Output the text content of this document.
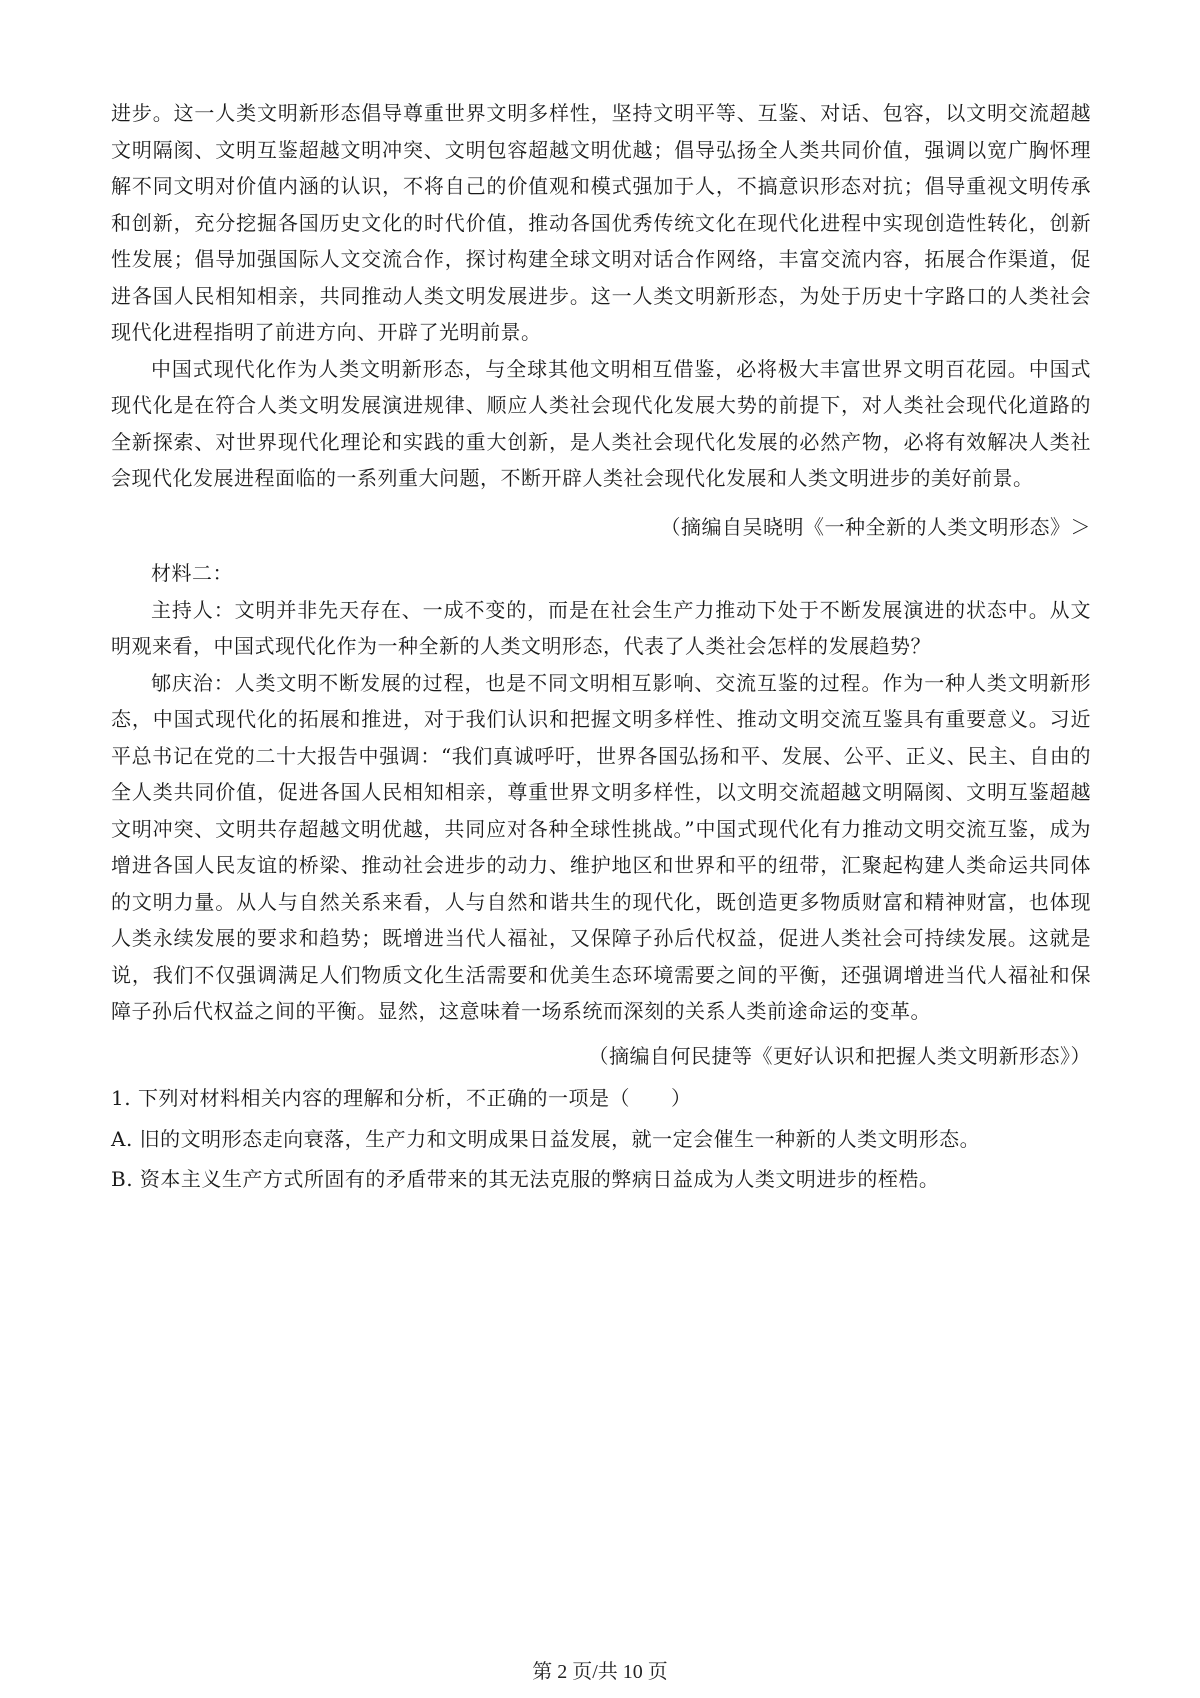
进步。这一人类文明新形态倡导尊重世界文明多样性，坚持文明平等、互鉴、对话、包容，以文明交流超越文明隔阂、文明互鉴超越文明冲突、文明包容超越文明优越；倡导弘扬全人类共同价值，强调以宽广胸怀理解不同文明对价值内涵的认识，不将自己的价值观和模式强加于人，不搞意识形态对抗；倡导重视文明传承和创新，充分挖掘各国历史文化的时代价值，推动各国优秀传统文化在现代化进程中实现创造性转化，创新性发展；倡导加强国际人文交流合作，探讨构建全球文明对话合作网络，丰富交流内容，拓展合作渠道，促进各国人民相知相亲，共同推动人类文明发展进步。这一人类文明新形态，为处于历史十字路口的人类社会现代化进程指明了前进方向、开辟了光明前景。

中国式现代化作为人类文明新形态，与全球其他文明相互借鉴，必将极大丰富世界文明百花园。中国式现代化是在符合人类文明发展演进规律、顺应人类社会现代化发展大势的前提下，对人类社会现代化道路的全新探索、对世界现代化理论和实践的重大创新，是人类社会现代化发展的必然产物，必将有效解决人类社会现代化发展进程面临的一系列重大问题，不断开辟人类社会现代化发展和人类文明进步的美好前景。

（摘编自吴晓明《一种全新的人类文明形态》＞

材料二：

主持人：文明并非先天存在、一成不变的，而是在社会生产力推动下处于不断发展演进的状态中。从文明观来看，中国式现代化作为一种全新的人类文明形态，代表了人类社会怎样的发展趋势？

郇庆治：人类文明不断发展的过程，也是不同文明相互影响、交流互鉴的过程。作为一种人类文明新形态，中国式现代化的拓展和推进，对于我们认识和把握文明多样性、推动文明交流互鉴具有重要意义。习近平总书记在党的二十大报告中强调：“我们真诚呼吁，世界各国弘扬和平、发展、公平、正义、民主、自由的全人类共同价值，促进各国人民相知相亲，尊重世界文明多样性，以文明交流超越文明隔阂、文明互鉴超越文明冲突、文明共存超越文明优越，共同应对各种全球性挑战。”中国式现代化有力推动文明交流互鉴，成为增进各国人民友谊的桥梁、推动社会进步的动力、维护地区和世界和平的纽带，汇聚起构建人类命运共同体的文明力量。从人与自然关系来看，人与自然和谐共生的现代化，既创造更多物质财富和精神财富，也体现人类永续发展的要求和趋势；既增进当代人福祉，又保障子孙后代权益，促进人类社会可持续发展。这就是说，我们不仅强调满足人们物质文化生活需要和优美生态环境需要之间的平衡，还强调增进当代人福祉和保障子孙后代权益之间的平衡。显然，这意味着一场系统而深刻的关系人类前途命运的变革。

（摘编自何民捷等《更好认识和把握人类文明新形态》）

1. 下列对材料相关内容的理解和分析，不正确的一项是（　　）

A. 旧的文明形态走向衰落，生产力和文明成果日益发展，就一定会催生一种新的人类文明形态。

B. 资本主义生产方式所固有的矛盾带来的其无法克服的弊病日益成为人类文明进步的桎梏。

第 2 页/共 10 页
